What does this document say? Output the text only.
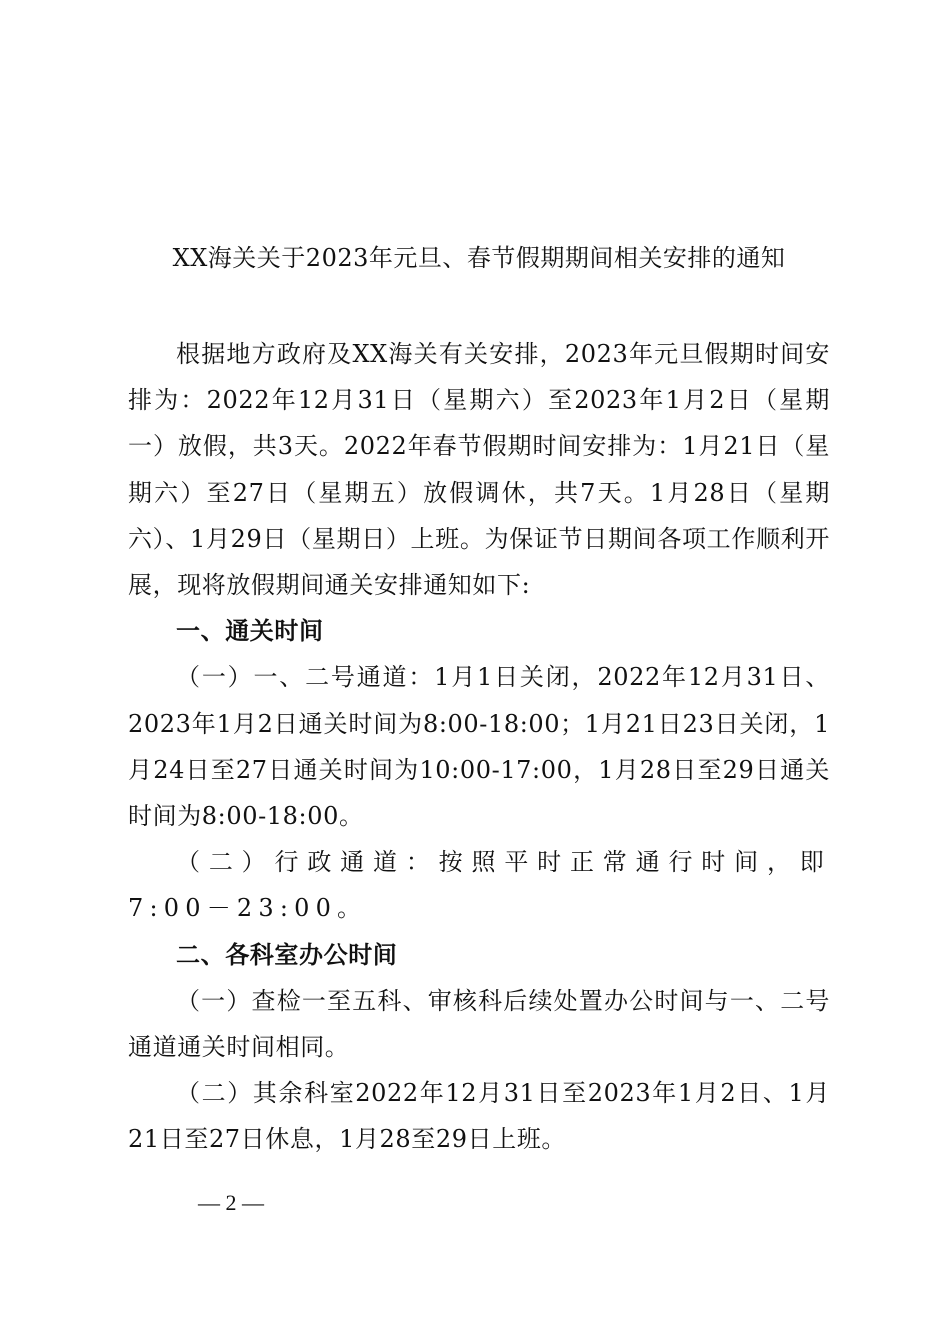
XX海关关于2023年元旦、春节假期期间相关安排的通知

根据地方政府及XX海关有关安排，2023年元旦假期时间安排为：2022年12月31日（星期六）至2023年1月2日（星期一）放假，共3天。2022年春节假期时间安排为：1月21日（星期六）至27日（星期五）放假调休，共7天。1月28日（星期六）、1月29日（星期日）上班。为保证节日期间各项工作顺利开展，现将放假期间通关安排通知如下:

一、通关时间

（一）一、二号通道：1月1日关闭，2022年12月31日、2023年1月2日通关时间为8:00-18:00；1月21日23日关闭，1月24日至27日通关时间为10:00-17:00，1月28日至29日通关时间为8:00-18:00。

（二）行政通道：按照平时正常通行时间，即7:00－23:00。

二、各科室办公时间

（一）查检一至五科、审核科后续处置办公时间与一、二号通道通关时间相同。

（二）其余科室2022年12月31日至2023年1月2日、1月21日至27日休息，1月28至29日上班。

— 2 —
